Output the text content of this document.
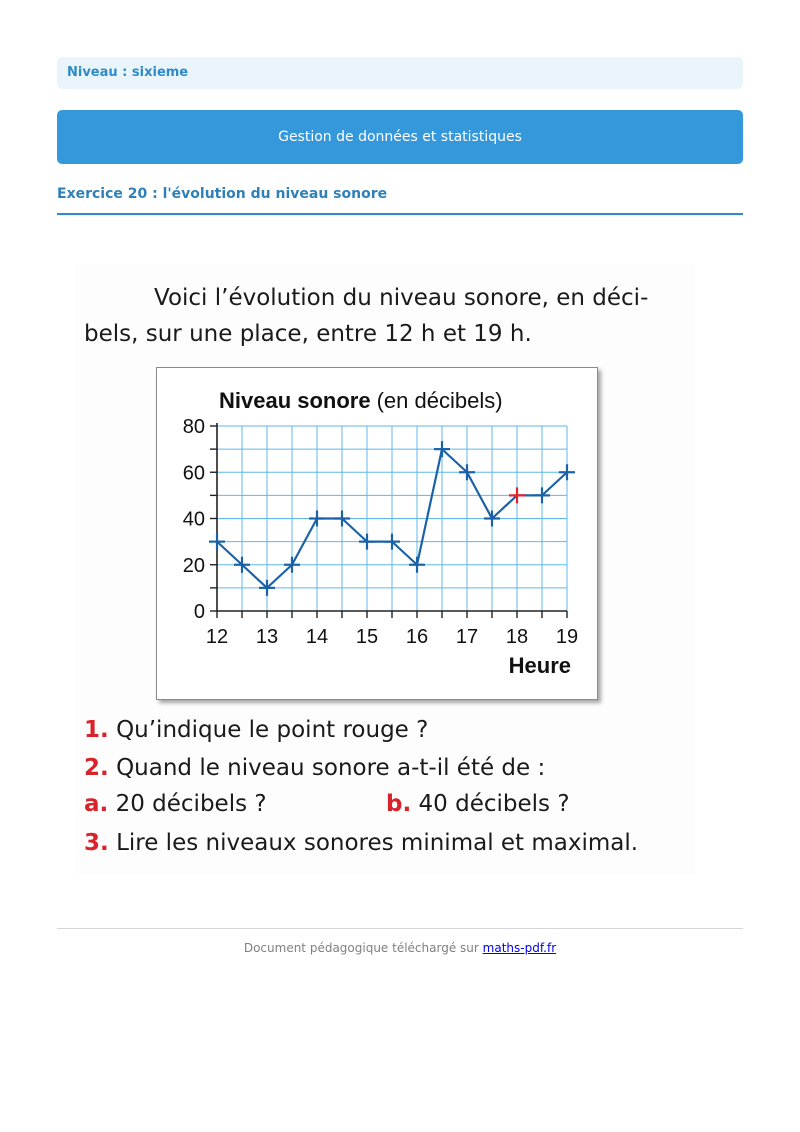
Niveau : sixieme
Gestion de données et statistiques
Exercice 20 : l'évolution du niveau sonore

Voici l’évolution du niveau sonore, en déci-
bels, sur une place, entre 12 h et 19 h.

Niveau sonore (en décibels)
0
20
40
60
80
12 13 14 15 16 17 18 19
Heure
1. Qu’indique le point rouge ?
2. Quand le niveau sonore a-t-il été de :
a. 20 décibels ?	b. 40 décibels ?
3. Lire les niveaux sonores minimal et maximal.
Document pédagogique téléchargé sur maths-pdf.fr
